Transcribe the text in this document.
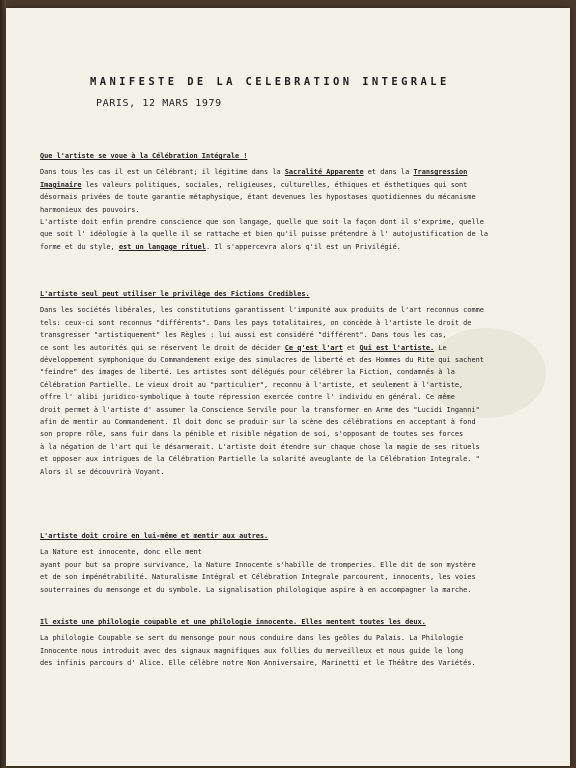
MANIFESTE DE LA CELEBRATION INTEGRALE
PARIS, 12 MARS 1979

Que l'artiste se voue à la Célébration Intégrale !

Dans tous les cas il est un Célébrant; il légitime dans la Sacralité Apparente et dans la Transgression

Imaginaire les valeurs politiques, sociales, religieuses, culturelles, éthiques et ésthetiques qui sont

désormais privées de toute garantie métaphysique, étant devenues les hypostases quotidiennes du mécanisme

harmonieux des pouvoirs.

L'artiste doit enfin prendre conscience que son langage, quelle que soit la façon dont il s'exprime, quelle

que soit l' idéologie à la quelle il se rattache et bien qu'il puisse prétendre à l' autojustification de la

forme et du style, est un langage rituel. Il s'appercevra alors q'il est un Privilégié.

L'artiste seul peut utiliser le privilège des Fictions Credibles.

Dans les sociétés libérales, les constitutions garantissent l'impunité aux produits de l'art reconnus comme

tels: ceux-ci sont reconnus "différents". Dans les pays totalitaires, on concède à l'artiste le droit de

transgresser "artistiquement" les Règles : lui aussi est considéré "différent". Dans tous les cas,

ce sont les autorités qui se réservent le droit de décider Ce q'est l'art et Qui est l'artiste. Le

développement symphonique du Commandement exige des simulacres de liberté et des Hommes du Rite qui sachent

"feindre" des images de liberté. Les artistes sont délégués pour célébrer la Fiction, condamnés à la

Célébration Partielle. Le vieux droit au "particulier", reconnu à l'artiste, et seulement à l'artiste,

offre l' alibi juridico-symbolique à toute répression exercée contre l' individu en général. Ce même

droit permet à l'artiste d' assumer la Conscience Servile pour la transformer en Arme des "Lucidi Inganni"

afin de mentir au Commandement. Il doit donc se produir sur la scène des célébrations en acceptant à fond

son propre rôle, sans fuir dans la pénible et risible négation de soi, s'opposant de toutes ses forces

à la négation de l'art qui le désarmerait. L'artiste doit étendre sur chaque chose la magie de ses rituels

et opposer aux intrigues de la Célébration Partielle la solarité aveuglante de la Célébration Integrale. "

Alors il se découvrirà Voyant.

L'artiste doit croire en lui-même et mentir aux autres.

La Nature est innocente, donc elle ment

ayant pour but sa propre survivance, la Nature Innocente s'habille de tromperies. Elle dit de son mystère

et de son impénétrabilité. Naturalisme Intégral et Célébration Integrale parcourent, innocents, les voies

souterraines du mensonge et du symbole. La signalisation philologique aspire à en accompagner la marche.

Il existe une philologie coupable et une philologie innocente. Elles mentent toutes les deux.

La philologie Coupable se sert du mensonge pour nous conduire dans les geôles du Palais. La Philologie

Innocente nous introduit avec des signaux magnifiques aux follies du merveilleux et nous guide le long

des infinis parcours d' Alice. Elle célèbre notre Non Anniversaire, Marinetti et le Théâtre des Variétés.
